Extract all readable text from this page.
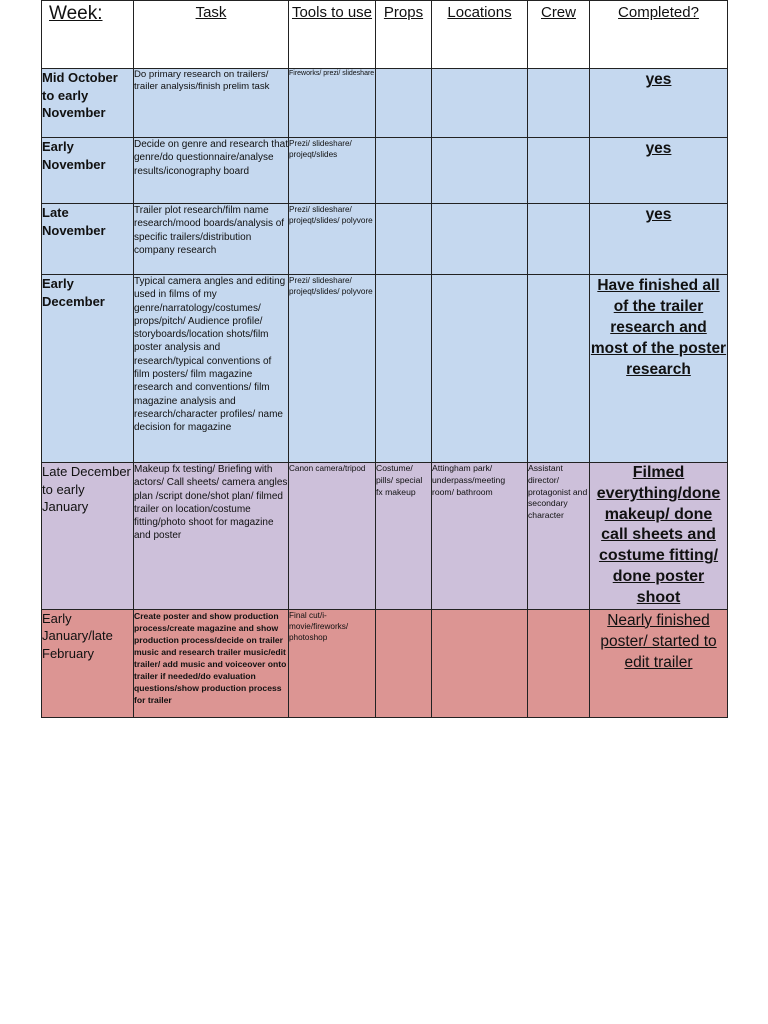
Week:	Task	Tools to use	Props	Locations	Crew	Completed?
Mid October to early November	Do primary research on trailers/ trailer analysis/finish prelim task	Fireworks/ prezi/ slideshare				yes
Early November	Decide on genre and research that genre/do questionnaire/analyse results/iconography board	Prezi/ slideshare/ projeqt/slides				yes
Late November	Trailer plot research/film name research/mood boards/analysis of specific trailers/distribution company research	Prezi/ slideshare/ projeqt/slides/ polyvore				yes
Early December	Typical camera angles and editing used in films of my genre/narratology/costumes/ props/pitch/ Audience profile/ storyboards/location shots/film poster analysis and research/typical conventions of film posters/ film magazine research and conventions/ film magazine analysis and research/character profiles/ name decision for magazine	Prezi/ slideshare/ projeqt/slides/ polyvore				Have finished all of the trailer research and most of the poster research
Late December to early January	Makeup fx testing/ Briefing with actors/ Call sheets/ camera angles plan /script done/shot plan/ filmed trailer on location/costume fitting/photo shoot for magazine and poster	Canon camera/tripod	Costume/ pills/ special fx makeup	Attingham park/ underpass/meeting room/ bathroom	Assistant director/ protagonist and secondary character	Filmed everything/done makeup/ done call sheets and costume fitting/ done poster shoot
Early January/late February	Create poster and show production process/create magazine and show production process/decide on trailer music and research trailer music/edit trailer/ add music and voiceover onto trailer if needed/do evaluation questions/show production process for trailer	Final cut/i-movie/fireworks/ photoshop				Nearly finished poster/ started to edit trailer
